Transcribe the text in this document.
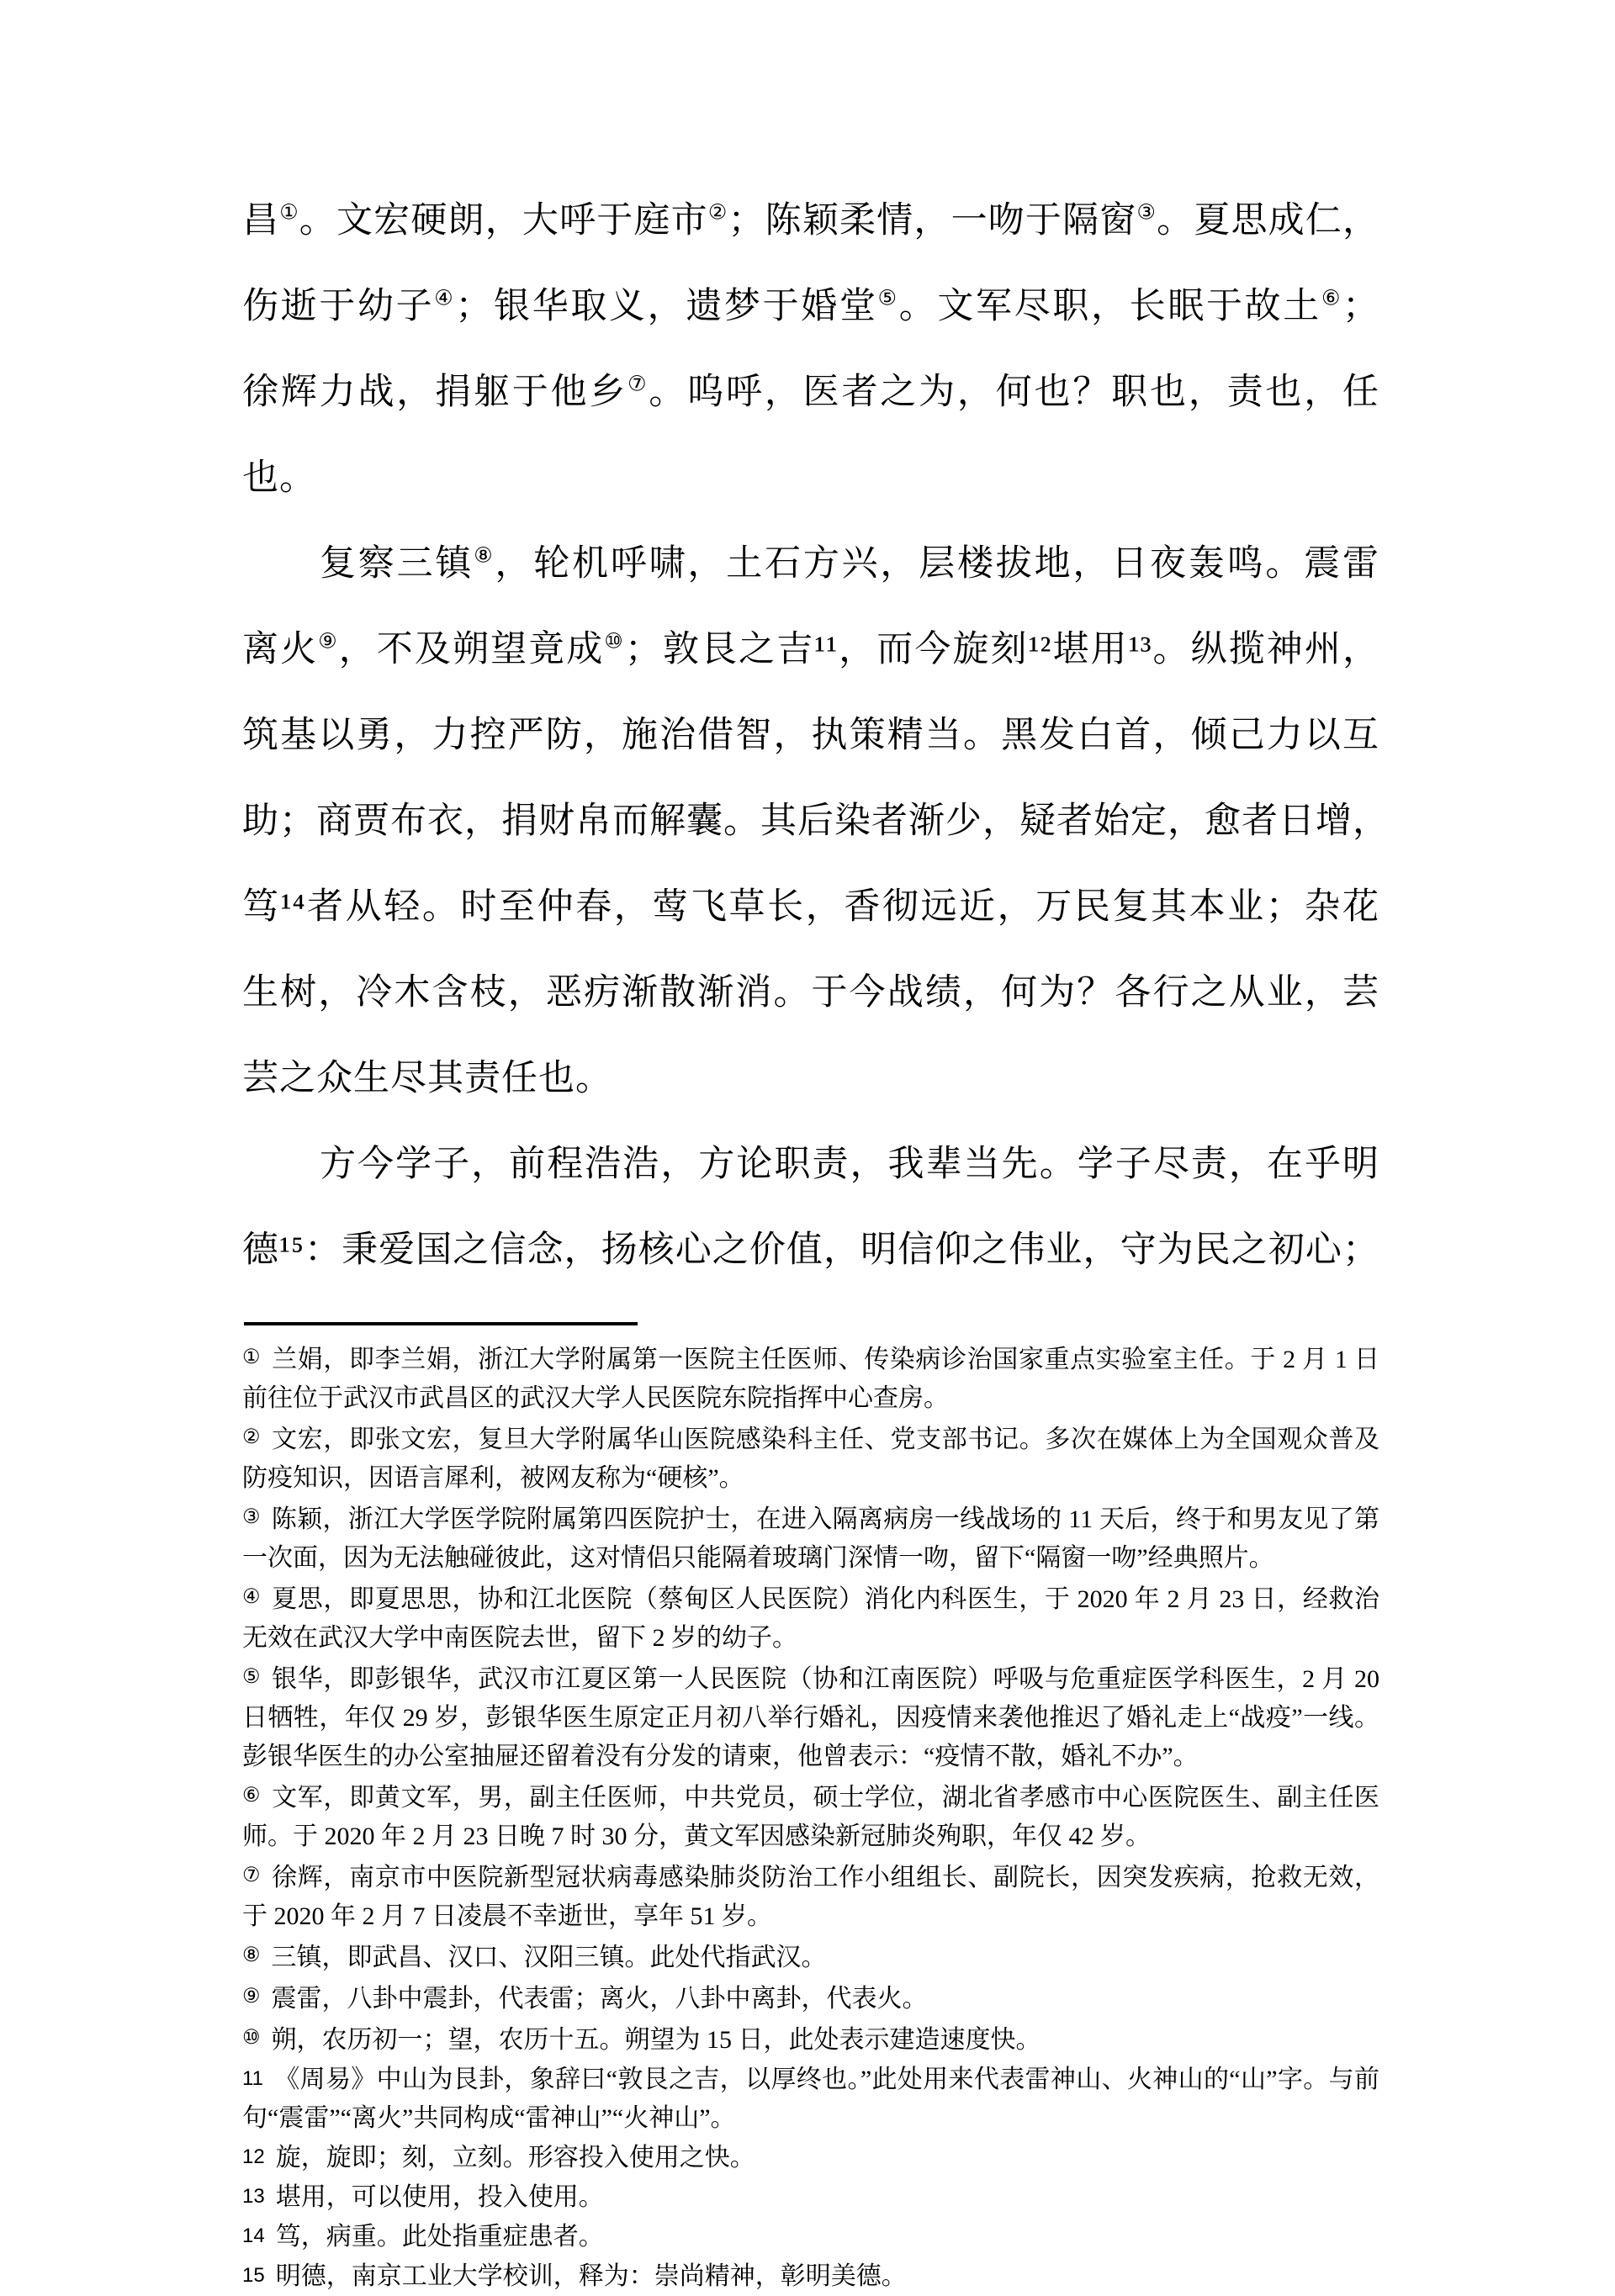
昌①。文宏硬朗，大呼于庭市②；陈颖柔情，一吻于隔窗③。夏思成仁，
伤逝于幼子④；银华取义，遗梦于婚堂⑤。文军尽职，长眠于故土⑥；
徐辉力战，捐躯于他乡⑦。呜呼，医者之为，何也？职也，责也，任
也。
复察三镇⑧，轮机呼啸，土石方兴，层楼拔地，日夜轰鸣。震雷
离火⑨，不及朔望竟成⑩；敦艮之吉¹¹，而今旋刻¹²堪用¹³。纵揽神州，
筑基以勇，力控严防，施治借智，执策精当。黑发白首，倾己力以互
助；商贾布衣，捐财帛而解囊。其后染者渐少，疑者始定，愈者日增，
笃¹⁴者从轻。时至仲春，莺飞草长，香彻远近，万民复其本业；杂花
生树，冷木含枝，恶疠渐散渐消。于今战绩，何为？各行之从业，芸
芸之众生尽其责任也。
方今学子，前程浩浩，方论职责，我辈当先。学子尽责，在乎明
德¹⁵：秉爱国之信念，扬核心之价值，明信仰之伟业，守为民之初心；

① 兰娟，即李兰娟，浙江大学附属第一医院主任医师、传染病诊治国家重点实验室主任。于 2 月 1 日前往位于武汉市武昌区的武汉大学人民医院东院指挥中心查房。

② 文宏，即张文宏，复旦大学附属华山医院感染科主任、党支部书记。多次在媒体上为全国观众普及防疫知识，因语言犀利，被网友称为“硬核”。

③ 陈颖，浙江大学医学院附属第四医院护士，在进入隔离病房一线战场的 11 天后，终于和男友见了第一次面，因为无法触碰彼此，这对情侣只能隔着玻璃门深情一吻，留下“隔窗一吻”经典照片。

④ 夏思，即夏思思，协和江北医院（蔡甸区人民医院）消化内科医生，于 2020 年 2 月 23 日，经救治无效在武汉大学中南医院去世，留下 2 岁的幼子。

⑤ 银华，即彭银华，武汉市江夏区第一人民医院（协和江南医院）呼吸与危重症医学科医生，2 月 20 日牺牲，年仅 29 岁，彭银华医生原定正月初八举行婚礼，因疫情来袭他推迟了婚礼走上“战疫”一线。彭银华医生的办公室抽屉还留着没有分发的请柬，他曾表示：“疫情不散，婚礼不办”。

⑥ 文军，即黄文军，男，副主任医师，中共党员，硕士学位，湖北省孝感市中心医院医生、副主任医师。于 2020 年 2 月 23 日晚 7 时 30 分，黄文军因感染新冠肺炎殉职，年仅 42 岁。

⑦ 徐辉，南京市中医院新型冠状病毒感染肺炎防治工作小组组长、副院长，因突发疾病，抢救无效，于 2020 年 2 月 7 日凌晨不幸逝世，享年 51 岁。

⑧ 三镇，即武昌、汉口、汉阳三镇。此处代指武汉。

⑨ 震雷，八卦中震卦，代表雷；离火，八卦中离卦，代表火。

⑩ 朔，农历初一；望，农历十五。朔望为 15 日，此处表示建造速度快。

11 《周易》中山为艮卦，象辞曰“敦艮之吉，以厚终也。”此处用来代表雷神山、火神山的“山”字。与前句“震雷”“离火”共同构成“雷神山”“火神山”。

12 旋，旋即；刻，立刻。形容投入使用之快。

13 堪用，可以使用，投入使用。

14 笃，病重。此处指重症患者。

15 明德，南京工业大学校训，释为：崇尚精神，彰明美德。
